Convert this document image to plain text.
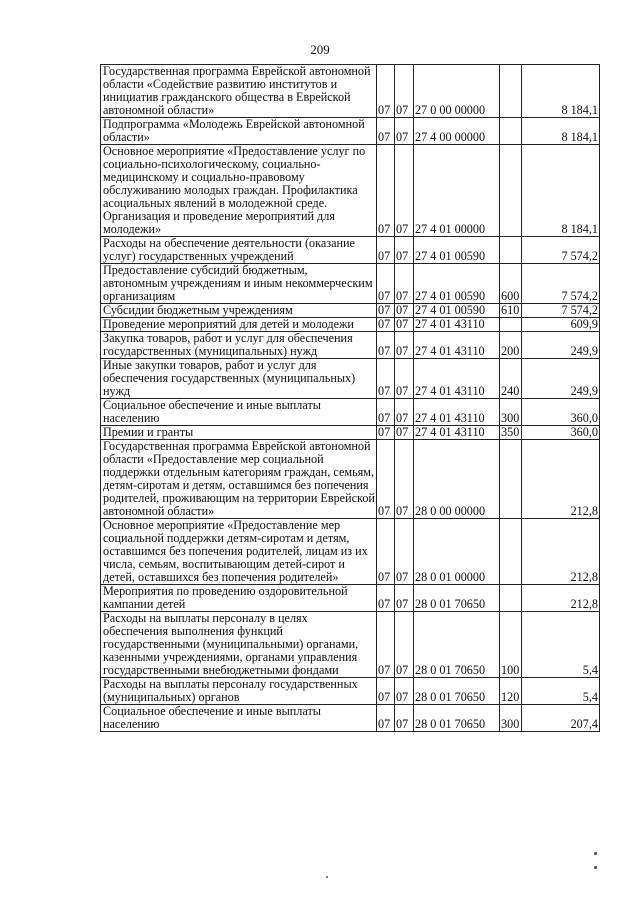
209
Государственная программа Еврейской автономной области «Содействие развитию институтов и инициатив гражданского общества в Еврейской автономной области»	07	07	27 0 00 00000		8 184,1
Подпрограмма «Молодежь Еврейской автономной области»	07	07	27 4 00 00000		8 184,1
Основное мероприятие «Предоставление услуг по социально-психологическому, социально-медицинскому и социально-правовому обслуживанию молодых граждан. Профилактика асоциальных явлений в молодежной среде. Организация и проведение мероприятий для молодежи»	07	07	27 4 01 00000		8 184,1
Расходы на обеспечение деятельности (оказание услуг) государственных учреждений	07	07	27 4 01 00590		7 574,2
Предоставление субсидий бюджетным, автономным учреждениям и иным некоммерческим организациям	07	07	27 4 01 00590	600	7 574,2
Субсидии бюджетным учреждениям	07	07	27 4 01 00590	610	7 574,2
Проведение мероприятий для детей и молодежи	07	07	27 4 01 43110		609,9
Закупка товаров, работ и услуг для обеспечения государственных (муниципальных) нужд	07	07	27 4 01 43110	200	249,9
Иные закупки товаров, работ и услуг для обеспечения государственных (муниципальных) нужд	07	07	27 4 01 43110	240	249,9
Социальное обеспечение и иные выплаты населению	07	07	27 4 01 43110	300	360,0
Премии и гранты	07	07	27 4 01 43110	350	360,0
Государственная программа Еврейской автономной области «Предоставление мер социальной поддержки отдельным категориям граждан, семьям, детям-сиротам и детям, оставшимся без попечения родителей, проживающим на территории Еврейской автономной области»	07	07	28 0 00 00000		212,8
Основное мероприятие «Предоставление мер социальной поддержки детям-сиротам и детям, оставшимся без попечения родителей, лицам из их числа, семьям, воспитывающим детей-сирот и детей, оставшихся без попечения родителей»	07	07	28 0 01 00000		212,8
Мероприятия по проведению оздоровительной кампании детей	07	07	28 0 01 70650		212,8
Расходы на выплаты персоналу в целях обеспечения выполнения функций государственными (муниципальными) органами, казенными учреждениями, органами управления государственными внебюджетными фондами	07	07	28 0 01 70650	100	5,4
Расходы на выплаты персоналу государственных (муниципальных) органов	07	07	28 0 01 70650	120	5,4
Социальное обеспечение и иные выплаты населению	07	07	28 0 01 70650	300	207,4
